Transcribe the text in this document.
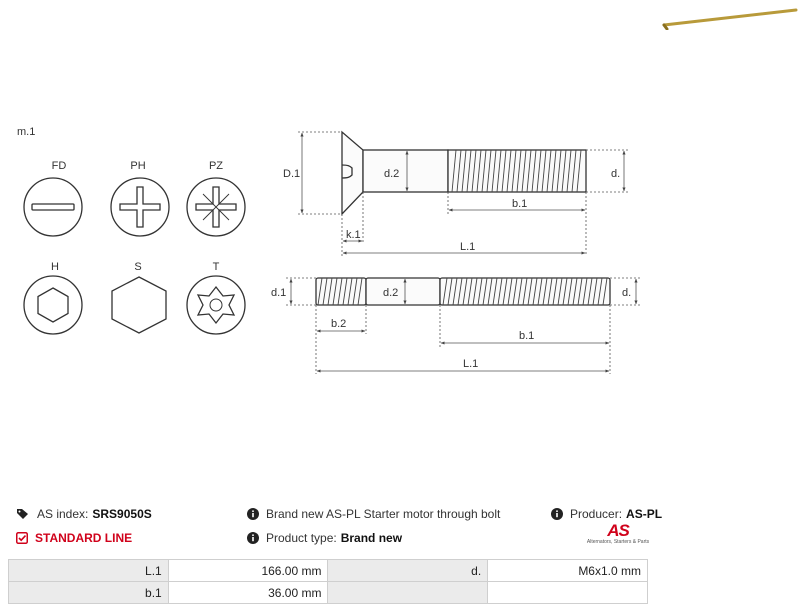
m.1
FD	PH	PZ
H	S	T
D.1	d.2	d.
b.1
k.1
L.1
d.1	d.2	d.
b.2
b.1
L.1
AS index: SRS9050S
STANDARD LINE
Brand new AS-PL Starter motor through bolt
Product type: Brand new
Producer: AS-PL
AS
Alternators, Starters & Parts
L.1	166.00 mm	d.	M6x1.0 mm
b.1	36.00 mm		
